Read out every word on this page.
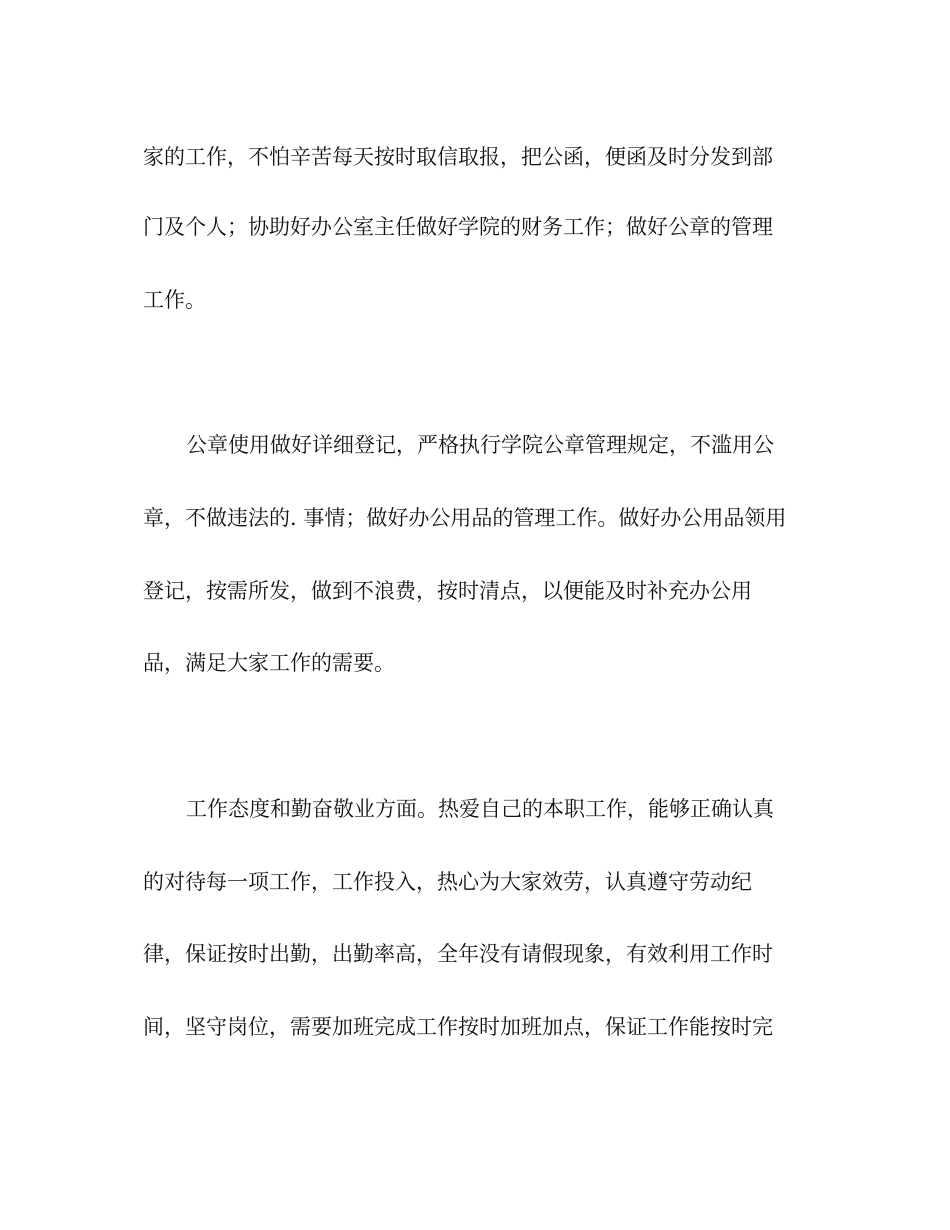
家的工作，不怕辛苦每天按时取信取报，把公函，便函及时分发到部
门及个人；协助好办公室主任做好学院的财务工作；做好公章的管理
工作。
公章使用做好详细登记，严格执行学院公章管理规定，不滥用公
章，不做违法的. 事情；做好办公用品的管理工作。做好办公用品领用
登记，按需所发，做到不浪费，按时清点，以便能及时补充办公用
品，满足大家工作的需要。
工作态度和勤奋敬业方面。热爱自己的本职工作，能够正确认真
的对待每一项工作，工作投入，热心为大家效劳，认真遵守劳动纪
律，保证按时出勤，出勤率高，全年没有请假现象，有效利用工作时
间，坚守岗位，需要加班完成工作按时加班加点，保证工作能按时完
